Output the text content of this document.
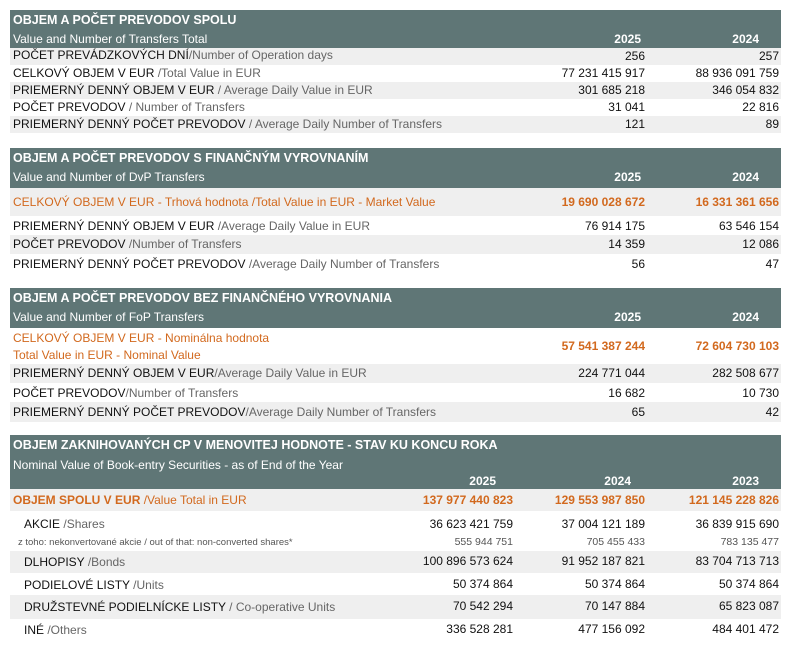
OBJEM A POČET PREVODOV SPOLU
Value and Number of Transfers Total	2025	2024
POČET PREVÁDZKOVÝCH DNÍ/Number of Operation days	256	257
CELKOVÝ OBJEM V EUR /Total Value in EUR	77 231 415 917	88 936 091 759
PRIEMERNÝ DENNÝ OBJEM V EUR / Average Daily Value in EUR	301 685 218	346 054 832
POČET PREVODOV / Number of Transfers	31 041	22 816
PRIEMERNÝ DENNÝ POČET PREVODOV / Average Daily Number of Transfers	121	89
OBJEM A POČET PREVODOV S FINANČNÝM VYROVNANÍM
Value and Number of DvP Transfers	2025	2024
CELKOVÝ OBJEM V EUR - Trhová hodnota /Total Value in EUR - Market Value	19 690 028 672	16 331 361 656
PRIEMERNÝ DENNÝ OBJEM V EUR /Average Daily Value in EUR	76 914 175	63 546 154
POČET PREVODOV /Number of Transfers	14 359	12 086
PRIEMERNÝ DENNÝ POČET PREVODOV /Average Daily Number of Transfers	56	47
OBJEM A POČET PREVODOV BEZ FINANČNÉHO VYROVNANIA
Value and Number of FoP Transfers	2025	2024
CELKOVÝ OBJEM V EUR - Nominálna hodnota
Total Value in EUR - Nominal Value
57 541 387 244	72 604 730 103
PRIEMERNÝ DENNÝ OBJEM V EUR/Average Daily Value in EUR	224 771 044	282 508 677
POČET PREVODOV/Number of Transfers	16 682	10 730
PRIEMERNÝ DENNÝ POČET PREVODOV/Average Daily Number of Transfers	65	42
OBJEM ZAKNIHOVANÝCH CP V MENOVITEJ HODNOTE - STAV KU KONCU ROKA
Nominal Value of Book-entry Securities - as of End of the Year
2025	2024	2023
OBJEM SPOLU V EUR /Value Total in EUR	137 977 440 823	129 553 987 850	121 145 228 826
AKCIE /Shares	36 623 421 759	37 004 121 189	36 839 915 690
z toho: nekonvertované akcie / out of that: non-converted shares*	555 944 751	705 455 433	783 135 477
DLHOPISY /Bonds	100 896 573 624	91 952 187 821	83 704 713 713
PODIELOVÉ LISTY /Units	50 374 864	50 374 864	50 374 864
DRUŽSTEVNÉ PODIELNÍCKE LISTY / Co-operative Units	70 542 294	70 147 884	65 823 087
INÉ /Others	336 528 281	477 156 092	484 401 472
